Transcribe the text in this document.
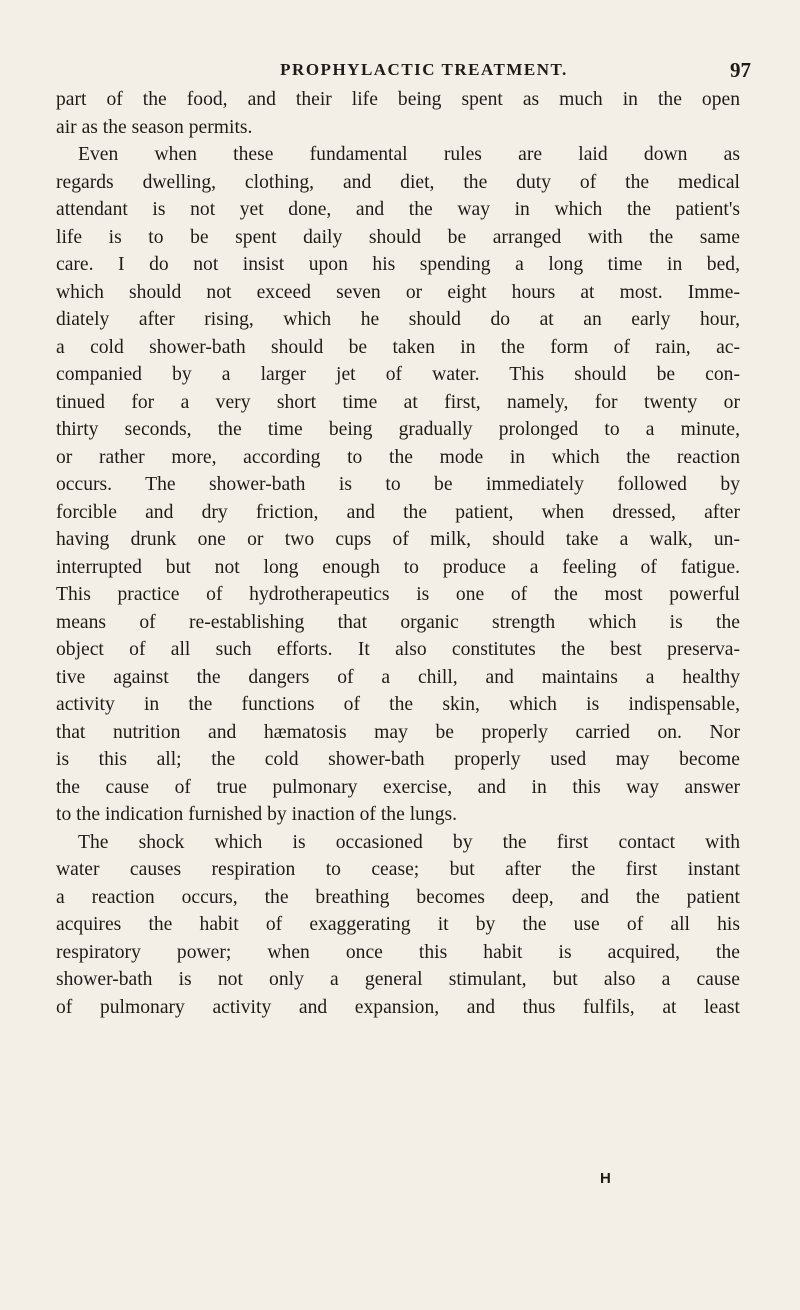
PROPHYLACTIC TREATMENT.	97
part of the food, and their life being spent as much in the open
air as the season permits.
Even when these fundamental rules are laid down as
regards dwelling, clothing, and diet, the duty of the medical
attendant is not yet done, and the way in which the patient's
life is to be spent daily should be arranged with the same
care. I do not insist upon his spending a long time in bed,
which should not exceed seven or eight hours at most. Imme-
diately after rising, which he should do at an early hour,
a cold shower-bath should be taken in the form of rain, ac-
companied by a larger jet of water. This should be con-
tinued for a very short time at first, namely, for twenty or
thirty seconds, the time being gradually prolonged to a minute,
or rather more, according to the mode in which the reaction
occurs. The shower-bath is to be immediately followed by
forcible and dry friction, and the patient, when dressed, after
having drunk one or two cups of milk, should take a walk, un-
interrupted but not long enough to produce a feeling of fatigue.
This practice of hydrotherapeutics is one of the most powerful
means of re-establishing that organic strength which is the
object of all such efforts. It also constitutes the best preserva-
tive against the dangers of a chill, and maintains a healthy
activity in the functions of the skin, which is indispensable,
that nutrition and hæmatosis may be properly carried on. Nor
is this all; the cold shower-bath properly used may become
the cause of true pulmonary exercise, and in this way answer
to the indication furnished by inaction of the lungs.
The shock which is occasioned by the first contact with
water causes respiration to cease; but after the first instant
a reaction occurs, the breathing becomes deep, and the patient
acquires the habit of exaggerating it by the use of all his
respiratory power; when once this habit is acquired, the
shower-bath is not only a general stimulant, but also a cause
of pulmonary activity and expansion, and thus fulfils, at least
H
